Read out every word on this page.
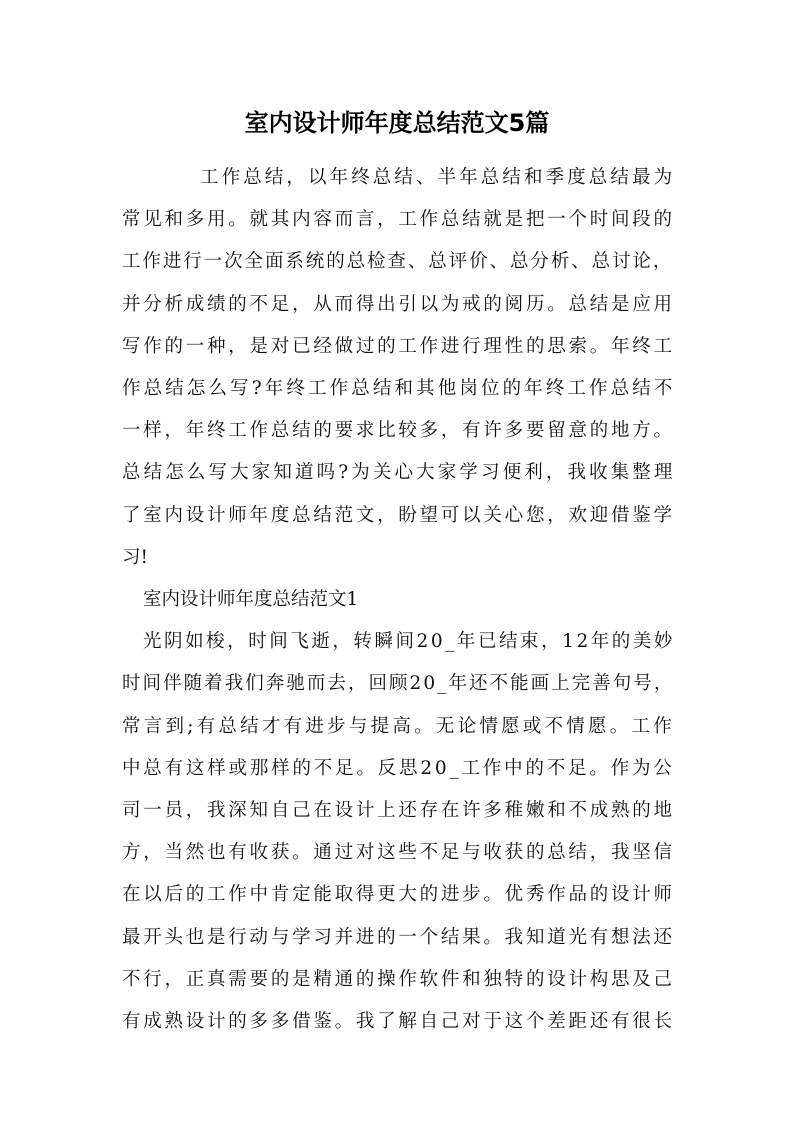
室内设计师年度总结范文5篇

工作总结，以年终总结、半年总结和季度总结最为

常见和多用。就其内容而言，工作总结就是把一个时间段的

工作进行一次全面系统的总检查、总评价、总分析、总讨论，

并分析成绩的不足，从而得出引以为戒的阅历。总结是应用

写作的一种，是对已经做过的工作进行理性的思索。年终工

作总结怎么写?年终工作总结和其他岗位的年终工作总结不

一样，年终工作总结的要求比较多，有许多要留意的地方。

总结怎么写大家知道吗?为关心大家学习便利，我收集整理

了室内设计师年度总结范文，盼望可以关心您，欢迎借鉴学

习!

室内设计师年度总结范文1

光阴如梭，时间飞逝，转瞬间20_年已结束，12年的美妙

时间伴随着我们奔驰而去，回顾20_年还不能画上完善句号，

常言到;有总结才有进步与提高。无论情愿或不情愿。工作

中总有这样或那样的不足。反思20_工作中的不足。作为公

司一员，我深知自己在设计上还存在许多稚嫩和不成熟的地

方，当然也有收获。通过对这些不足与收获的总结，我坚信

在以后的工作中肯定能取得更大的进步。优秀作品的设计师

最开头也是行动与学习并进的一个结果。我知道光有想法还

不行，正真需要的是精通的操作软件和独特的设计构思及己

有成熟设计的多多借鉴。我了解自己对于这个差距还有很长
